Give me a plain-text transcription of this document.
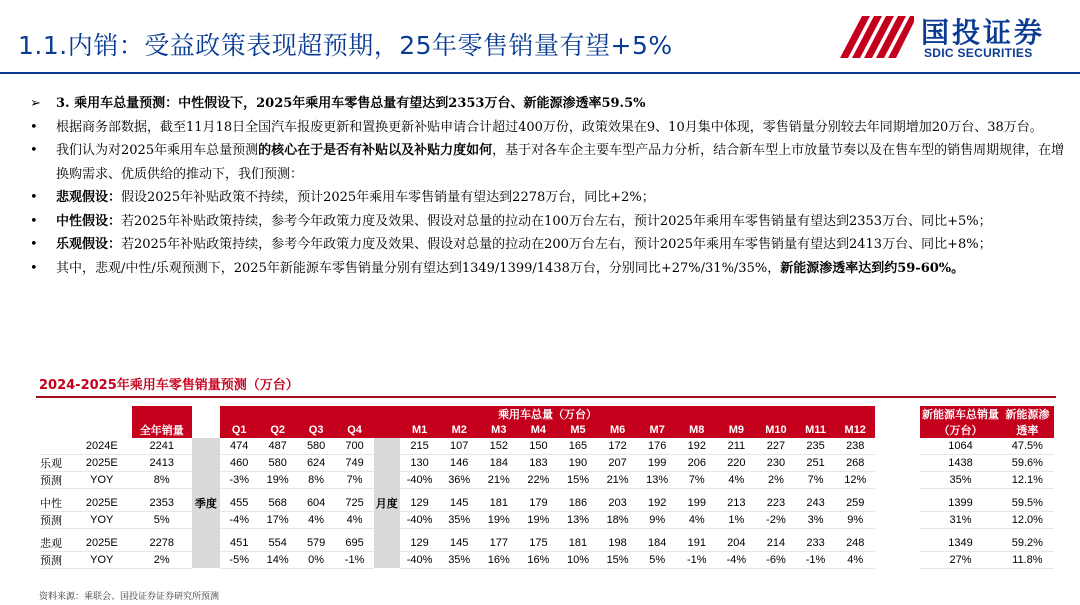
1.1.内销：受益政策表现超预期，25年零售销量有望+5%	国投证券
SDIC SECURITIES
➢	3. 乘用车总量预测：中性假设下，2025年乘用车零售总量有望达到2353万台、新能源渗透率59.5%
•	根据商务部数据，截至11月18日全国汽车报废更新和置换更新补贴申请合计超过400万份，政策效果在9、10月集中体现，零售销量分别较去年同期增加20万台、38万台。
•	我们认为对2025年乘用车总量预测的核心在于是否有补贴以及补贴力度如何，基于对各车企主要车型产品力分析，结合新车型上市放量节奏以及在售车型的销售周期规律，在增换购需求、优质供给的推动下，我们预测：
•	悲观假设：假设2025年补贴政策不持续，预计2025年乘用车零售销量有望达到2278万台，同比+2%；
•	中性假设：若2025年补贴政策持续，参考今年政策力度及效果、假设对总量的拉动在100万台左右，预计2025年乘用车零售销量有望达到2353万台、同比+5%；
•	乐观假设：若2025年补贴政策持续，参考今年政策力度及效果、假设对总量的拉动在200万台左右，预计2025年乘用车零售销量有望达到2413万台、同比+8%；
•	其中，悲观/中性/乐观预测下，2025年新能源车零售销量分别有望达到1349/1399/1438万台，分别同比+27%/31%/35%，新能源渗透率达到约59-60%。
2024-2025年乘用车零售销量预测（万台）
		全年销量		乘用车总量（万台）																		新能源车总销量（万台）	新能源渗透率
				Q1	Q2	Q3	Q4		M1	M2	M3	M4	M5	M6	M7	M8	M9	M10	M11	M12			
	2024E	2241	季度	474	487	580	700	月度	215	107	152	150	165	172	176	192	211	227	235	238		1064	47.5%
乐观	2025E	2413		460	580	624	749		130	146	184	183	190	207	199	206	220	230	251	268		1438	59.6%
预测	YOY	8%		-3%	19%	8%	7%		-40%	36%	21%	22%	15%	21%	13%	7%	4%	2%	7%	12%		35%	12.1%

中性	2025E	2353		455	568	604	725		129	145	181	179	186	203	192	199	213	223	243	259		1399	59.5%
预测	YOY	5%		-4%	17%	4%	4%		-40%	35%	19%	19%	13%	18%	9%	4%	1%	-2%	3%	9%		31%	12.0%

悲观	2025E	2278		451	554	579	695		129	145	177	175	181	198	184	191	204	214	233	248		1349	59.2%
预测	YOY	2%		-5%	14%	0%	-1%		-40%	35%	16%	16%	10%	15%	5%	-1%	-4%	-6%	-1%	4%		27%	11.8%
资料来源：乘联会、国投证券证券研究所预测
